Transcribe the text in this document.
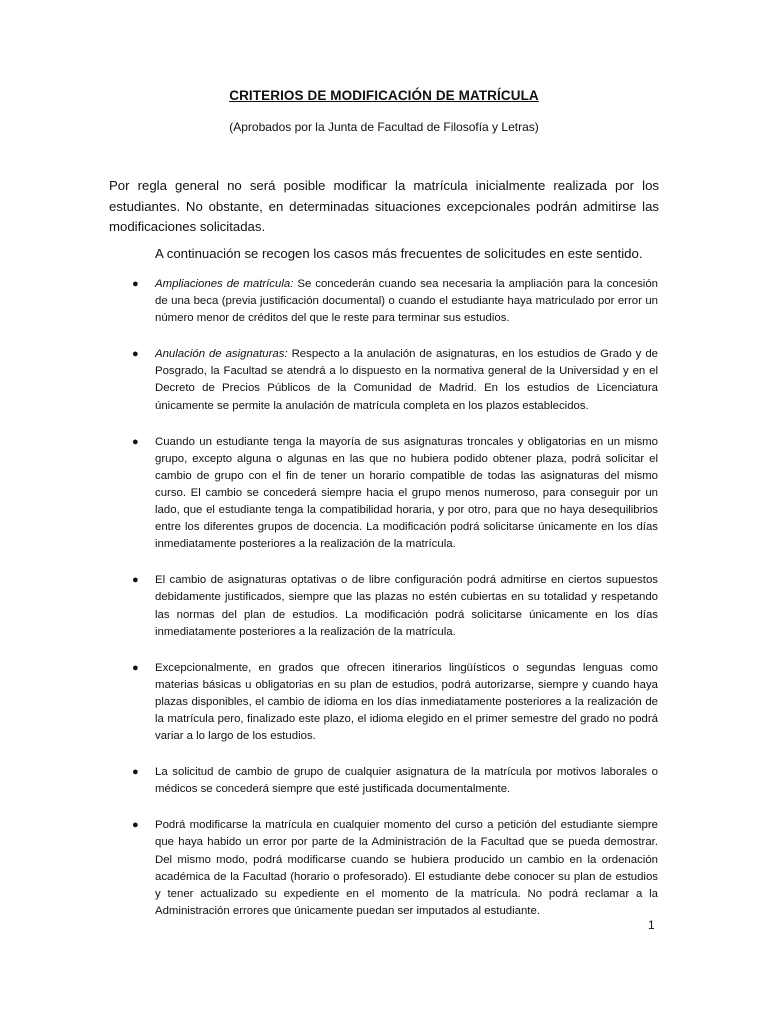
CRITERIOS DE MODIFICACIÓN DE MATRÍCULA
(Aprobados por la Junta de Facultad de Filosofía y Letras)
Por regla general no será posible modificar la matrícula inicialmente realizada por los estudiantes. No obstante, en determinadas situaciones excepcionales podrán admitirse las modificaciones solicitadas.
A continuación se recogen los casos más frecuentes de solicitudes en este sentido.
● Ampliaciones de matrícula: Se concederán cuando sea necesaria la ampliación para la concesión de una beca (previa justificación documental) o cuando el estudiante haya matriculado por error un número menor de créditos del que le reste para terminar sus estudios.
● Anulación de asignaturas: Respecto a la anulación de asignaturas, en los estudios de Grado y de Posgrado, la Facultad se atendrá a lo dispuesto en la normativa general de la Universidad y en el Decreto de Precios Públicos de la Comunidad de Madrid. En los estudios de Licenciatura únicamente se permite la anulación de matrícula completa en los plazos establecidos.
● Cuando un estudiante tenga la mayoría de sus asignaturas troncales y obligatorias en un mismo grupo, excepto alguna o algunas en las que no hubiera podido obtener plaza, podrá solicitar el cambio de grupo con el fin de tener un horario compatible de todas las asignaturas del mismo curso. El cambio se concederá siempre hacia el grupo menos numeroso, para conseguir por un lado, que el estudiante tenga la compatibilidad horaria, y por otro, para que no haya desequilibrios entre los diferentes grupos de docencia. La modificación podrá solicitarse únicamente en los días inmediatamente posteriores a la realización de la matrícula.
● El cambio de asignaturas optativas o de libre configuración podrá admitirse en ciertos supuestos debidamente justificados, siempre que las plazas no estén cubiertas en su totalidad y respetando las normas del plan de estudios. La modificación podrá solicitarse únicamente en los días inmediatamente posteriores a la realización de la matrícula.
● Excepcionalmente, en grados que ofrecen itinerarios lingüísticos o segundas lenguas como materias básicas u obligatorias en su plan de estudios, podrá autorizarse, siempre y cuando haya plazas disponibles, el cambio de idioma en los días inmediatamente posteriores a la realización de la matrícula pero, finalizado este plazo, el idioma elegido en el primer semestre del grado no podrá variar a lo largo de los estudios.
● La solicitud de cambio de grupo de cualquier asignatura de la matrícula por motivos laborales o médicos se concederá siempre que esté justificada documentalmente.
● Podrá modificarse la matrícula en cualquier momento del curso a petición del estudiante siempre que haya habido un error por parte de la Administración de la Facultad que se pueda demostrar. Del mismo modo, podrá modificarse cuando se hubiera producido un cambio en la ordenación académica de la Facultad (horario o profesorado). El estudiante debe conocer su plan de estudios y tener actualizado su expediente en el momento de la matrícula. No podrá reclamar a la Administración errores que únicamente puedan ser imputados al estudiante.
1
